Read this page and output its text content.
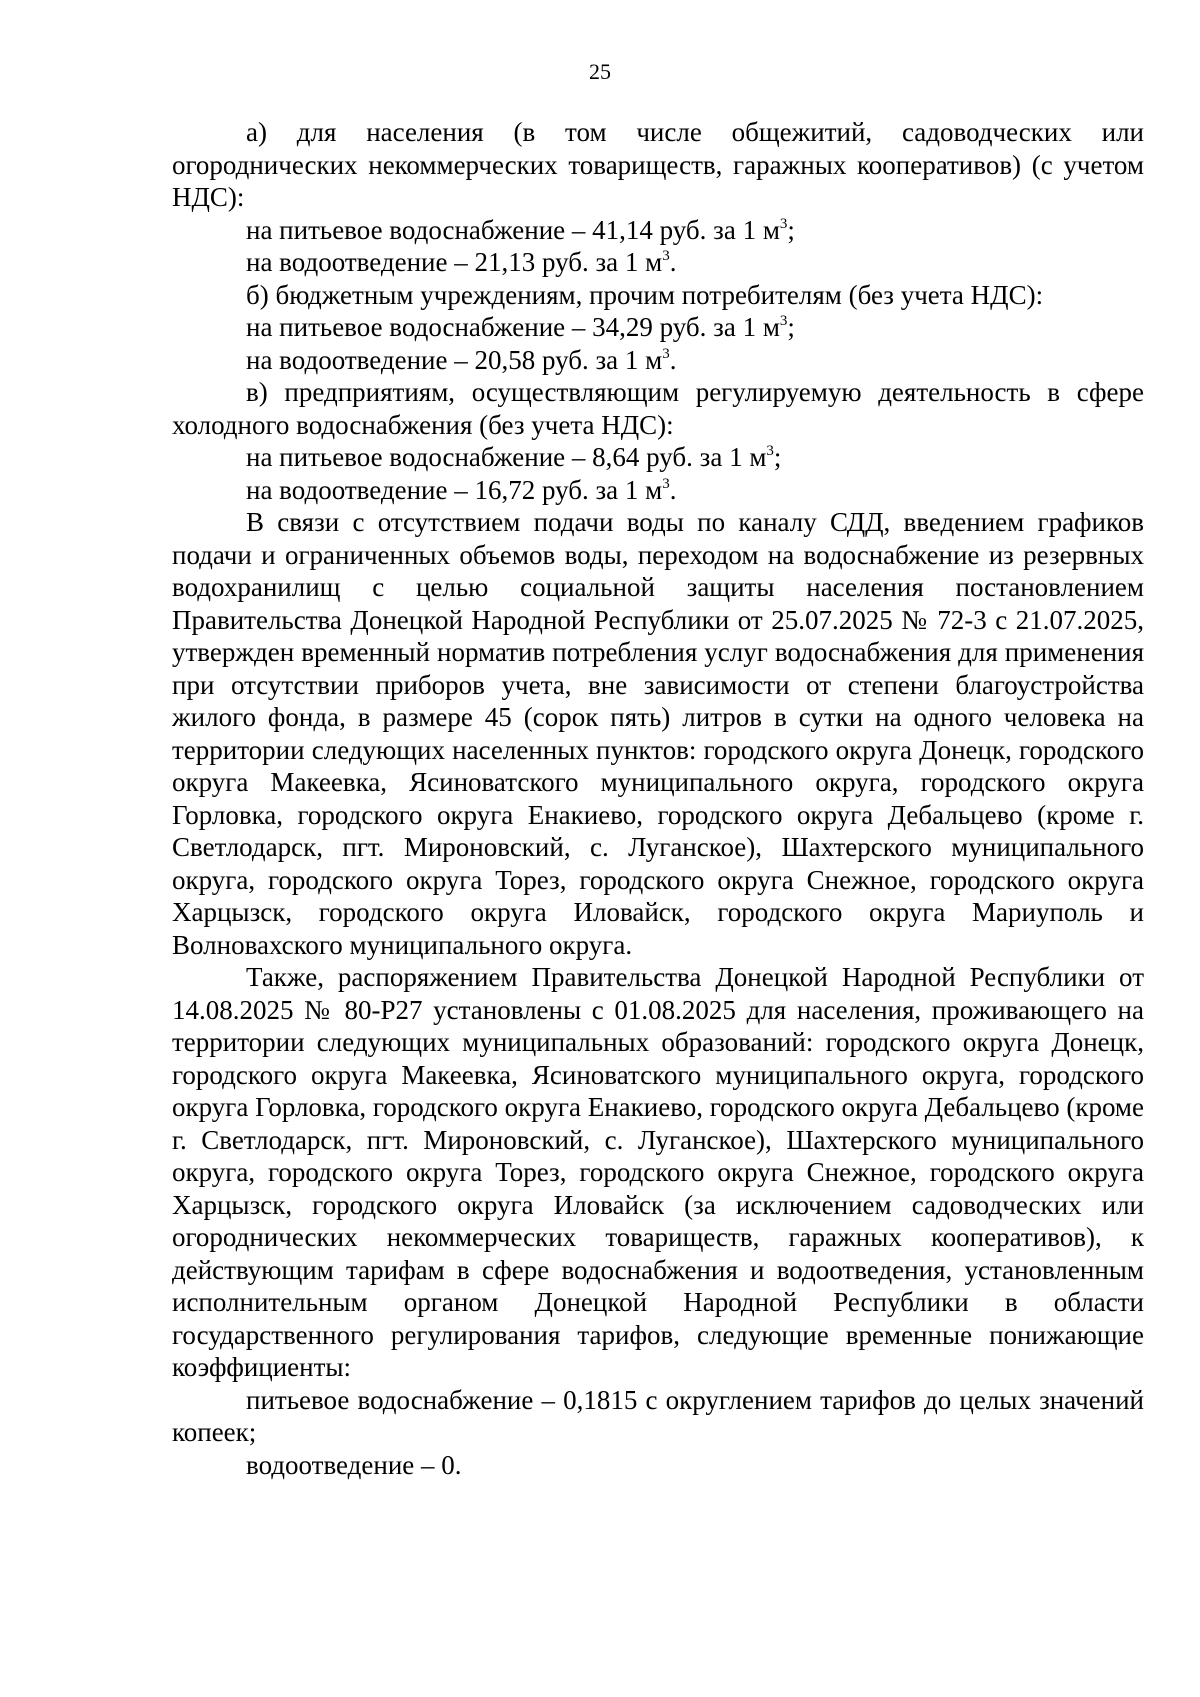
25

а) для населения (в том числе общежитий, садоводческих или огороднических некоммерческих товариществ, гаражных кооперативов) (с учетом НДС):

на питьевое водоснабжение – 41,14 руб. за 1 $м^3$;

на водоотведение – 21,13 руб. за 1 $м^3$.

б) бюджетным учреждениям, прочим потребителям (без учета НДС):

на питьевое водоснабжение – 34,29 руб. за 1 $м^3$;

на водоотведение – 20,58 руб. за 1 $м^3$.

в) предприятиям, осуществляющим регулируемую деятельность в сфере холодного водоснабжения (без учета НДС):

на питьевое водоснабжение – 8,64 руб. за 1 $м^3$;

на водоотведение – 16,72 руб. за 1 $м^3$.

В связи с отсутствием подачи воды по каналу СДД, введением графиков подачи и ограниченных объемов воды, переходом на водоснабжение из резервных водохранилищ с целью социальной защиты населения постановлением Правительства Донецкой Народной Республики от 25.07.2025 № 72-3 с 21.07.2025, утвержден временный норматив потребления услуг водоснабжения для применения при отсутствии приборов учета, вне зависимости от степени благоустройства жилого фонда, в размере 45 (сорок пять) литров в сутки на одного человека на территории следующих населенных пунктов: городского округа Донецк, городского округа Макеевка, Ясиноватского муниципального округа, городского округа Горловка, городского округа Енакиево, городского округа Дебальцево (кроме г. Светлодарск, пгт. Мироновский, с. Луганское), Шахтерского муниципального округа, городского округа Торез, городского округа Снежное, городского округа Харцызск, городского округа Иловайск, городского округа Мариуполь и Волновахского муниципального округа.

Также, распоряжением Правительства Донецкой Народной Республики от 14.08.2025 № 80-Р27 установлены с 01.08.2025 для населения, проживающего на территории следующих муниципальных образований: городского округа Донецк, городского округа Макеевка, Ясиноватского муниципального округа, городского округа Горловка, городского округа Енакиево, городского округа Дебальцево (кроме г. Светлодарск, пгт. Мироновский, с. Луганское), Шахтерского муниципального округа, городского округа Торез, городского округа Снежное, городского округа Харцызск, городского округа Иловайск (за исключением садоводческих или огороднических некоммерческих товариществ, гаражных кооперативов), к действующим тарифам в сфере водоснабжения и водоотведения, установленным исполнительным органом Донецкой Народной Республики в области государственного регулирования тарифов, следующие временные понижающие коэффициенты:

питьевое водоснабжение – 0,1815 с округлением тарифов до целых значений копеек;

водоотведение – 0.
